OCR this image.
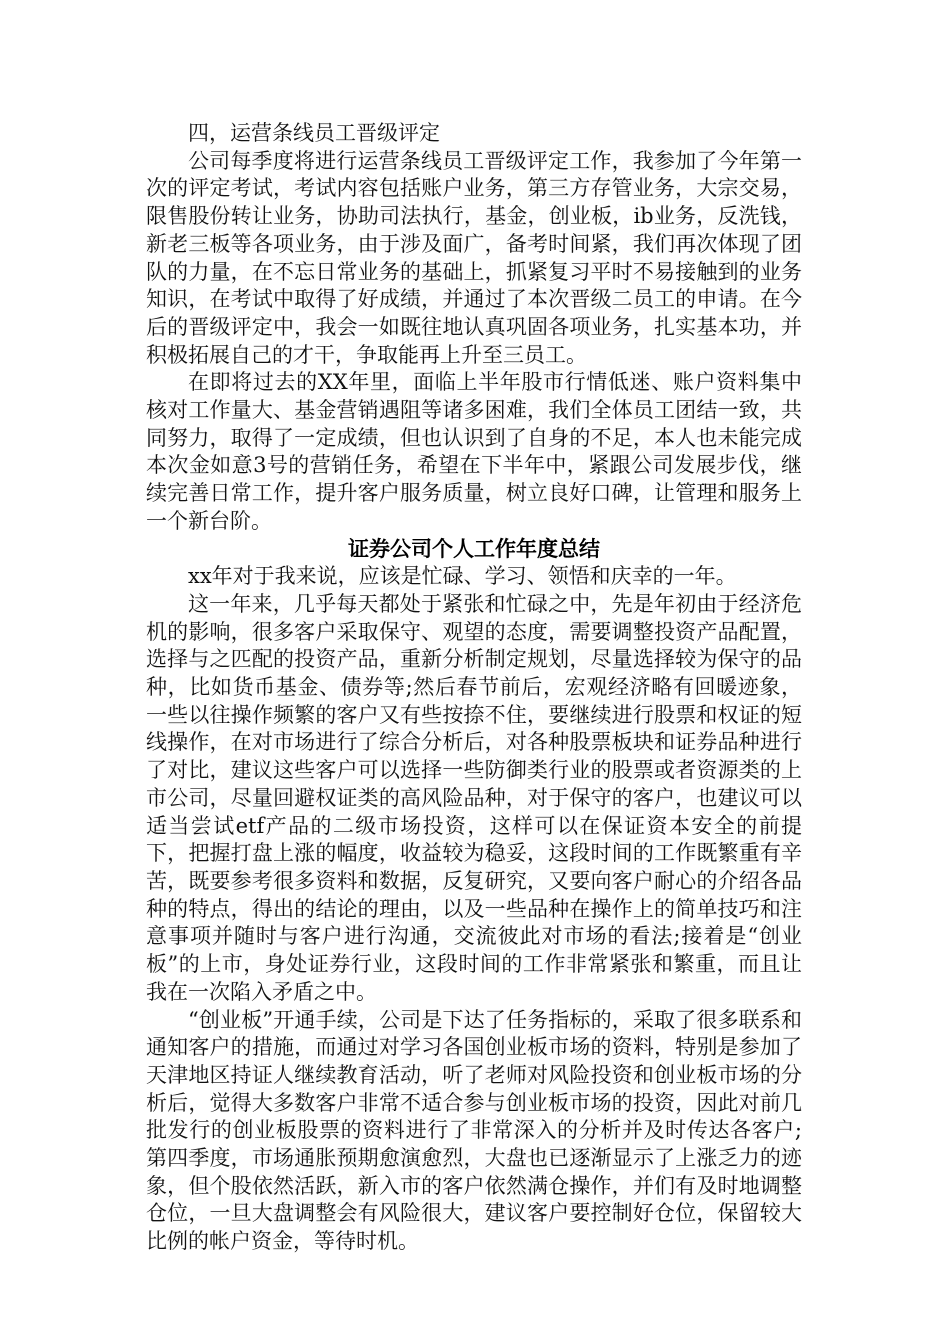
四，运营条线员工晋级评定

公司每季度将进行运营条线员工晋级评定工作，我参加了今年第一次的评定考试，考试内容包括账户业务，第三方存管业务，大宗交易，限售股份转让业务，协助司法执行，基金，创业板，ib业务，反洗钱，新老三板等各项业务，由于涉及面广，备考时间紧，我们再次体现了团队的力量，在不忘日常业务的基础上，抓紧复习平时不易接触到的业务知识，在考试中取得了好成绩，并通过了本次晋级二员工的申请。在今后的晋级评定中，我会一如既往地认真巩固各项业务，扎实基本功，并积极拓展自己的才干，争取能再上升至三员工。

在即将过去的XX年里，面临上半年股市行情低迷、账户资料集中核对工作量大、基金营销遇阻等诸多困难，我们全体员工团结一致，共同努力，取得了一定成绩，但也认识到了自身的不足，本人也未能完成本次金如意3号的营销任务，希望在下半年中，紧跟公司发展步伐，继续完善日常工作，提升客户服务质量，树立良好口碑，让管理和服务上一个新台阶。

证券公司个人工作年度总结

xx年对于我来说，应该是忙碌、学习、领悟和庆幸的一年。

这一年来，几乎每天都处于紧张和忙碌之中，先是年初由于经济危机的影响，很多客户采取保守、观望的态度，需要调整投资产品配置，选择与之匹配的投资产品，重新分析制定规划，尽量选择较为保守的品种，比如货币基金、债券等;然后春节前后，宏观经济略有回暖迹象，一些以往操作频繁的客户又有些按捺不住，要继续进行股票和权证的短线操作，在对市场进行了综合分析后，对各种股票板块和证券品种进行了对比，建议这些客户可以选择一些防御类行业的股票或者资源类的上市公司，尽量回避权证类的高风险品种，对于保守的客户，也建议可以适当尝试etf产品的二级市场投资，这样可以在保证资本安全的前提下，把握打盘上涨的幅度，收益较为稳妥，这段时间的工作既繁重有辛苦，既要参考很多资料和数据，反复研究，又要向客户耐心的介绍各品种的特点，得出的结论的理由，以及一些品种在操作上的简单技巧和注意事项并随时与客户进行沟通，交流彼此对市场的看法;接着是“创业板”的上市，身处证券行业，这段时间的工作非常紧张和繁重，而且让我在一次陷入矛盾之中。

“创业板”开通手续，公司是下达了任务指标的，采取了很多联系和通知客户的措施，而通过对学习各国创业板市场的资料，特别是参加了天津地区持证人继续教育活动，听了老师对风险投资和创业板市场的分析后，觉得大多数客户非常不适合参与创业板市场的投资，因此对前几批发行的创业板股票的资料进行了非常深入的分析并及时传达各客户;第四季度，市场通胀预期愈演愈烈，大盘也已逐渐显示了上涨乏力的迹象，但个股依然活跃，新入市的客户依然满仓操作，并们有及时地调整仓位，一旦大盘调整会有风险很大，建议客户要控制好仓位，保留较大比例的帐户资金，等待时机。
